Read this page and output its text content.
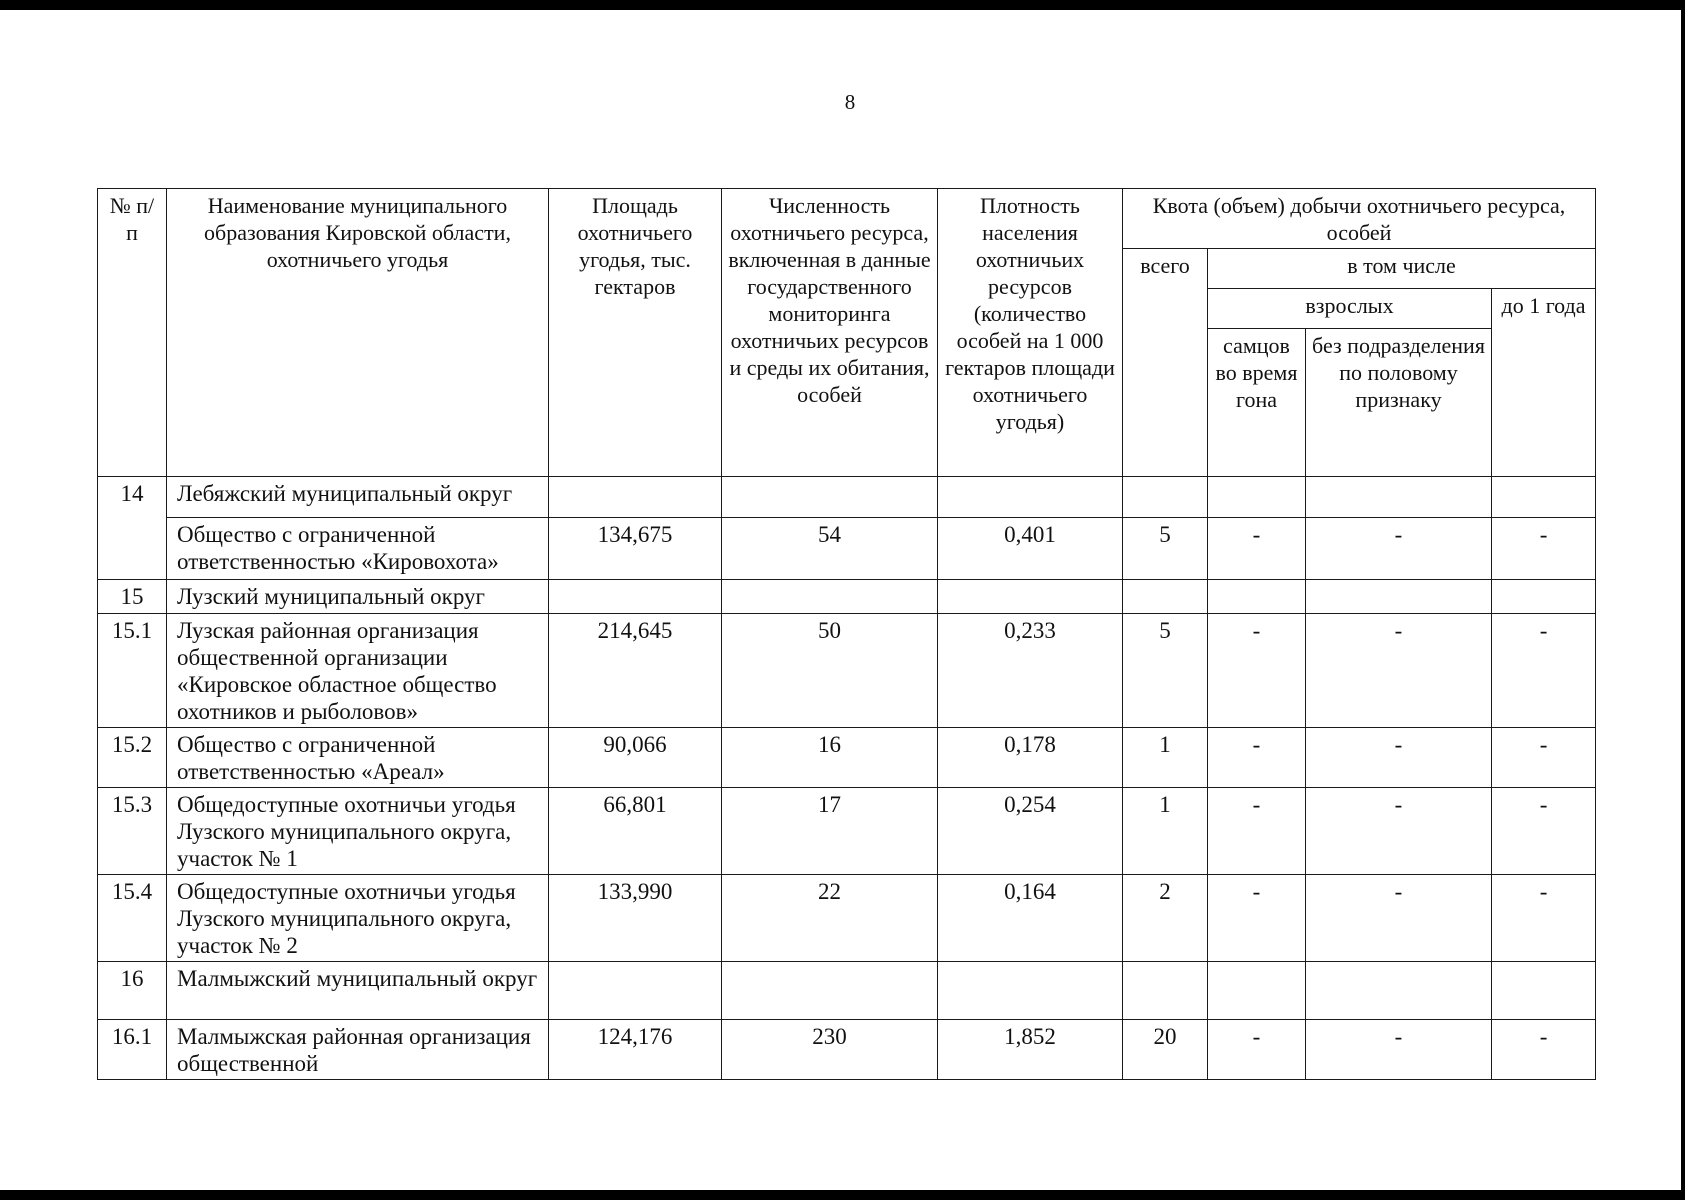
8
№ п/п	Наименование муниципального образования Кировской области, охотничьего угодья	Площадь охотничьего угодья, тыс. гектаров	Численность охотничьего ресурса, включенная в данные государственного мониторинга охотничьих ресурсов и среды их обитания, особей	Плотность населения охотничьих ресурсов (количество особей на 1 000 гектаров площади охотничьего угодья)	Квота (объем) добычи охотничьего ресурса, особей			
					всего	в том числе		
						взрослых		до 1 года
						самцов во время гона	без подразделения по половому признаку	
14	Лебяжский муниципальный округ							
	Общество с ограниченной ответственностью «Кировохота»	134,675	54	0,401	5	-	-	-
15	Лузский муниципальный округ							
15.1	Лузская районная организация общественной организации «Кировское областное общество охотников и рыболовов»	214,645	50	0,233	5	-	-	-
15.2	Общество с ограниченной ответственностью «Ареал»	90,066	16	0,178	1	-	-	-
15.3	Общедоступные охотничьи угодья Лузского муниципального округа, участок № 1	66,801	17	0,254	1	-	-	-
15.4	Общедоступные охотничьи угодья Лузского муниципального округа, участок № 2	133,990	22	0,164	2	-	-	-
16	Малмыжский муниципальный округ							
16.1	Малмыжская районная организация общественной	124,176	230	1,852	20	-	-	-
